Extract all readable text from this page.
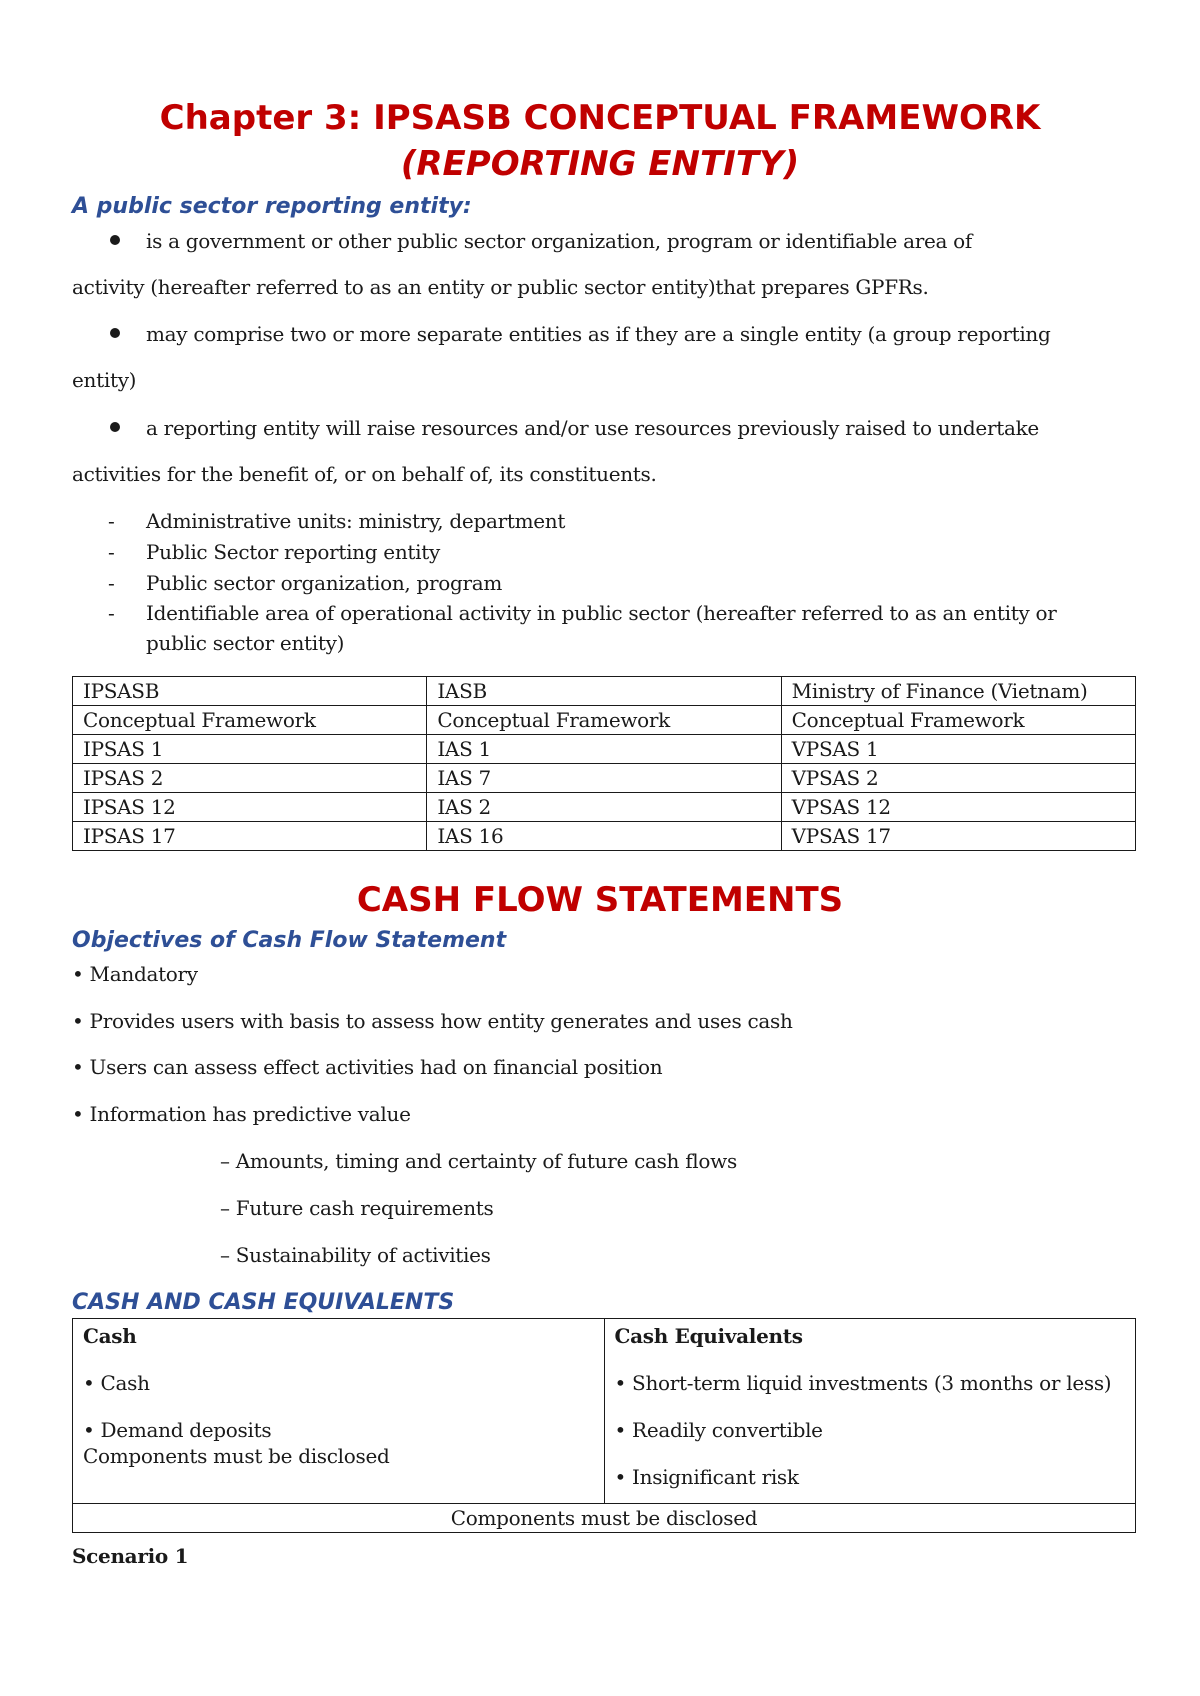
Chapter 3: IPSASB CONCEPTUAL FRAMEWORK
(REPORTING ENTITY)
A public sector reporting entity:

is a government or other public sector organization, program or identifiable area of

activity (hereafter referred to as an entity or public sector entity)that prepares GPFRs.

may comprise two or more separate entities as if they are a single entity (a group reporting

entity)

a reporting entity will raise resources and/or use resources previously raised to undertake

activities for the benefit of, or on behalf of, its constituents.

- Administrative units: ministry, department

- Public Sector reporting entity

- Public sector organization, program

- Identifiable area of operational activity in public sector (hereafter referred to as an entity or

public sector entity)

IPSASB	IASB	Ministry of Finance (Vietnam)
Conceptual Framework	Conceptual Framework	Conceptual Framework
IPSAS 1	IAS 1	VPSAS 1
IPSAS 2	IAS 7	VPSAS 2
IPSAS 12	IAS 2	VPSAS 12
IPSAS 17	IAS 16	VPSAS 17
CASH FLOW STATEMENTS
Objectives of Cash Flow Statement

• Mandatory

• Provides users with basis to assess how entity generates and uses cash

• Users can assess effect activities had on financial position

• Information has predictive value

– Amounts, timing and certainty of future cash flows

– Future cash requirements

– Sustainability of activities

CASH AND CASH EQUIVALENTS

Cash

• Cash

• Demand deposits

Components must be disclosed

Cash Equivalents

• Short-term liquid investments (3 months or less)

• Readily convertible

• Insignificant risk

Components must be disclosed

Scenario 1
